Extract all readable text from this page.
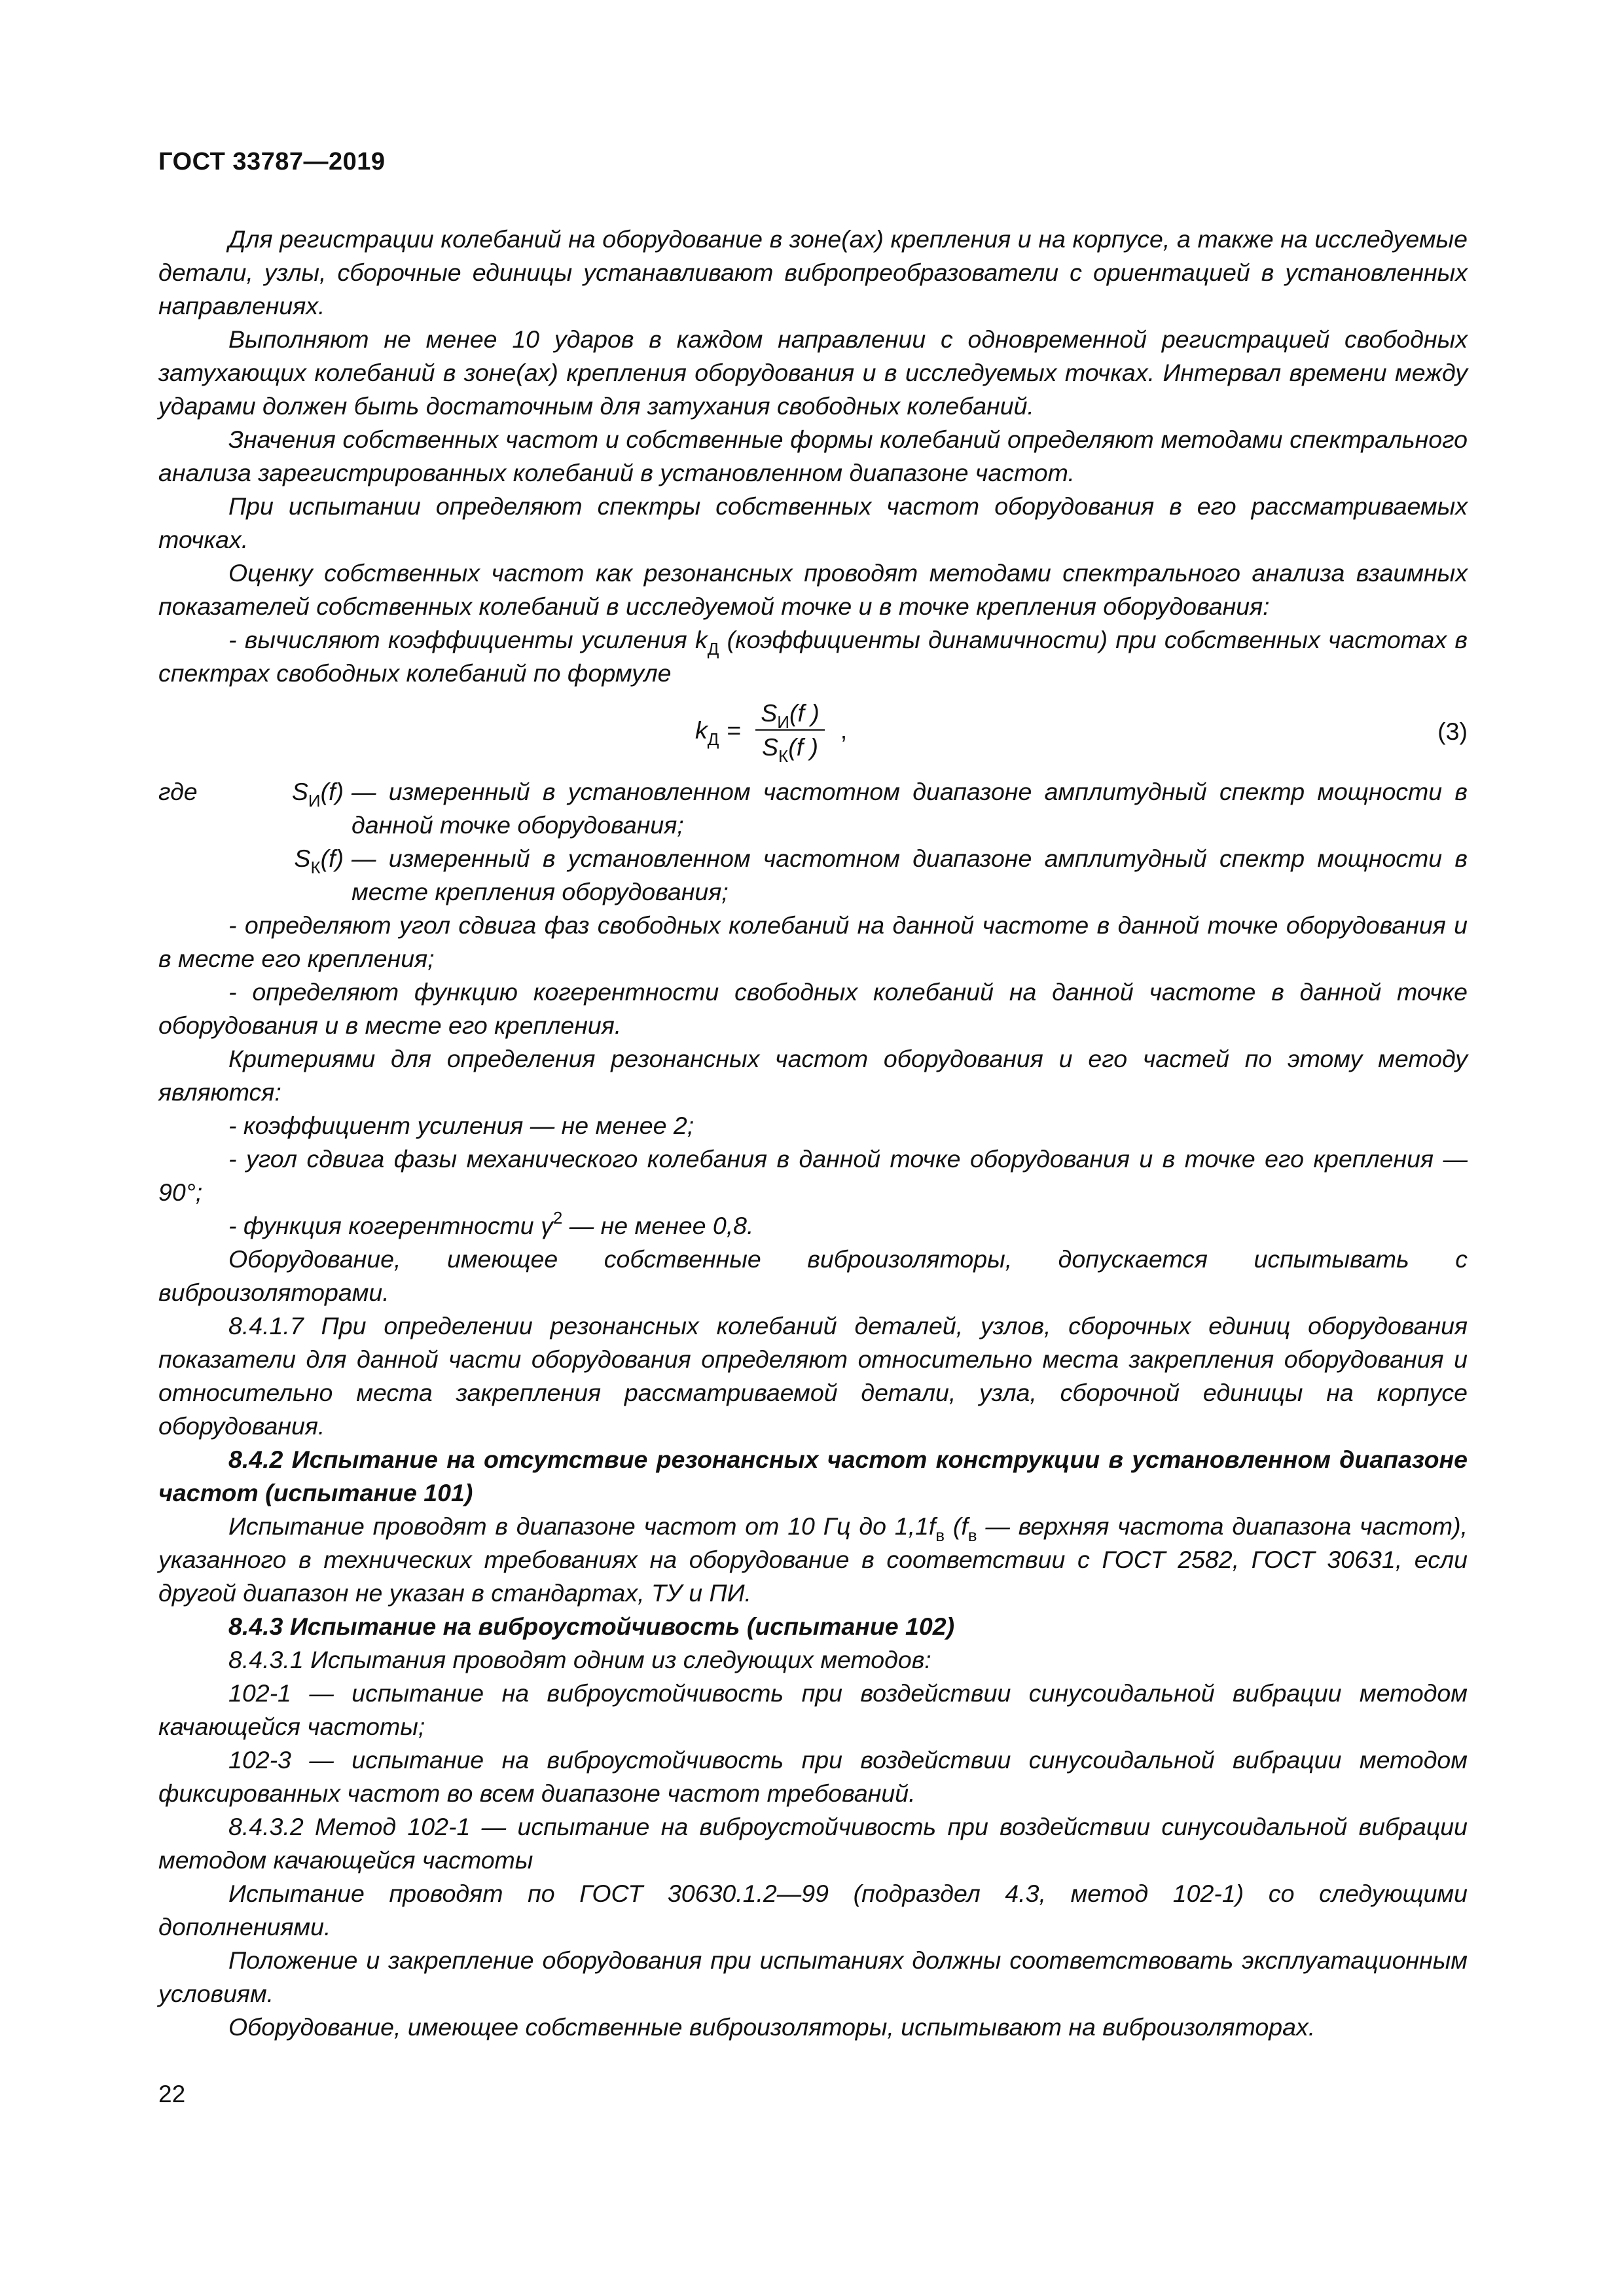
ГОСТ 33787—2019

Для регистрации колебаний на оборудование в зоне(ах) крепления и на корпусе, а также на исследуемые детали, узлы, сборочные единицы устанавливают вибропреобразователи с ориентацией в установленных направлениях.

Выполняют не менее 10 ударов в каждом направлении с одновременной регистрацией свободных затухающих колебаний в зоне(ах) крепления оборудования и в исследуемых точках. Интервал времени между ударами должен быть достаточным для затухания свободных колебаний.

Значения собственных частот и собственные формы колебаний определяют методами спектрального анализа зарегистрированных колебаний в установленном диапазоне частот.

При испытании определяют спектры собственных частот оборудования в его рассматриваемых точках.

Оценку собственных частот как резонансных проводят методами спектрального анализа взаимных показателей собственных колебаний в исследуемой точке и в точке крепления оборудования:

- вычисляют коэффициенты усиления $k_Д$ (коэффициенты динамичности) при собственных частотах в спектрах свободных колебаний по формуле

$k_Д = \frac{S_И(f )}{S_К(f )}$ ,	(3)
где	$S_И(f)$ — измеренный в установленном частотном диапазоне амплитудный спектр мощности в данной точке оборудования;
$S_К(f)$ — измеренный в установленном частотном диапазоне амплитудный спектр мощности в месте крепления оборудования;

- определяют угол сдвига фаз свободных колебаний на данной частоте в данной точке оборудования и в месте его крепления;

- определяют функцию когерентности свободных колебаний на данной частоте в данной точке оборудования и в месте его крепления.

Критериями для определения резонансных частот оборудования и его частей по этому методу являются:

- коэффициент усиления — не менее 2;

- угол сдвига фазы механического колебания в данной точке оборудования и в точке его крепления — 90°;

- функция когерентности $\gamma^2$ — не менее 0,8.

Оборудование, имеющее собственные виброизоляторы, допускается испытывать с виброизоляторами.

8.4.1.7 При определении резонансных колебаний деталей, узлов, сборочных единиц оборудования показатели для данной части оборудования определяют относительно места закрепления оборудования и относительно места закрепления рассматриваемой детали, узла, сборочной единицы на корпусе оборудования.

8.4.2 Испытание на отсутствие резонансных частот конструкции в установленном диапазоне частот (испытание 101)

Испытание проводят в диапазоне частот от 10 Гц до $1,1f_в$ ($f_в$ — верхняя частота диапазона частот), указанного в технических требованиях на оборудование в соответствии с ГОСТ 2582, ГОСТ 30631, если другой диапазон не указан в стандартах, ТУ и ПИ.

8.4.3 Испытание на виброустойчивость (испытание 102)

8.4.3.1 Испытания проводят одним из следующих методов:

102-1 — испытание на виброустойчивость при воздействии синусоидальной вибрации методом качающейся частоты;

102-3 — испытание на виброустойчивость при воздействии синусоидальной вибрации методом фиксированных частот во всем диапазоне частот требований.

8.4.3.2 Метод 102-1 — испытание на виброустойчивость при воздействии синусоидальной вибрации методом качающейся частоты

Испытание проводят по ГОСТ 30630.1.2—99 (подраздел 4.3, метод 102-1) со следующими дополнениями.

Положение и закрепление оборудования при испытаниях должны соответствовать эксплуатационным условиям.

Оборудование, имеющее собственные виброизоляторы, испытывают на виброизоляторах.

22
